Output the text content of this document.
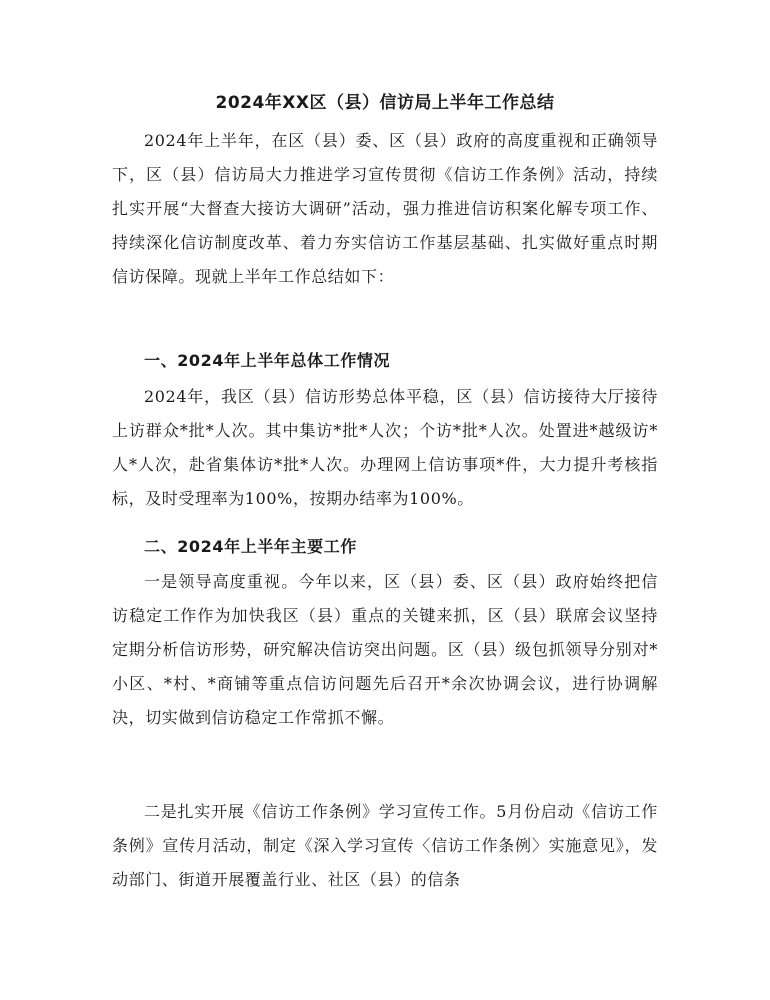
2024年XX区（县）信访局上半年工作总结
2024年上半年，在区（县）委、区（县）政府的高度重视和正确领导下，区（县）信访局大力推进学习宣传贯彻《信访工作条例》活动，持续扎实开展“大督查大接访大调研”活动，强力推进信访积案化解专项工作、持续深化信访制度改革、着力夯实信访工作基层基础、扎实做好重点时期信访保障。现就上半年工作总结如下：
一、2024年上半年总体工作情况
2024年，我区（县）信访形势总体平稳，区（县）信访接待大厅接待上访群众*批*人次。其中集访*批*人次；个访*批*人次。处置进*越级访*人*人次，赴省集体访*批*人次。办理网上信访事项*件，大力提升考核指标，及时受理率为100%，按期办结率为100%。
二、2024年上半年主要工作
一是领导高度重视。今年以来，区（县）委、区（县）政府始终把信访稳定工作作为加快我区（县）重点的关键来抓，区（县）联席会议坚持定期分析信访形势，研究解决信访突出问题。区（县）级包抓领导分别对*小区、*村、*商铺等重点信访问题先后召开*余次协调会议，进行协调解决，切实做到信访稳定工作常抓不懈。
二是扎实开展《信访工作条例》学习宣传工作。5月份启动《信访工作条例》宣传月活动，制定《深入学习宣传〈信访工作条例〉实施意见》，发动部门、街道开展覆盖行业、社区（县）的信条
